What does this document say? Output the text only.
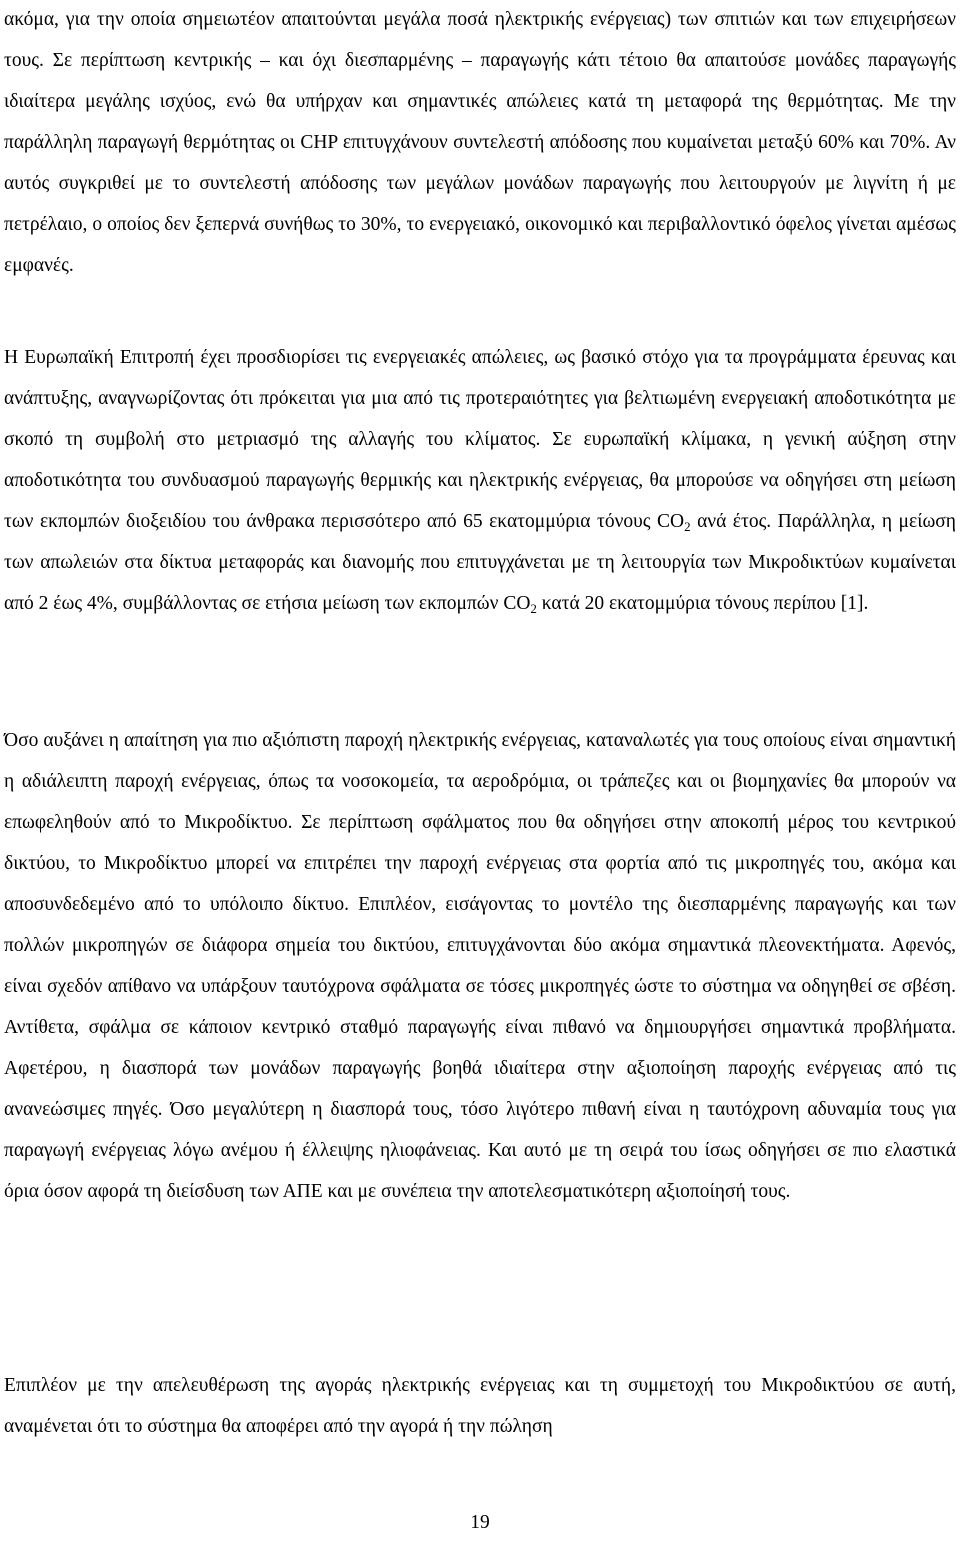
ακόμα, για την οποία σημειωτέον απαιτούνται μεγάλα ποσά ηλεκτρικής ενέργειας) των σπιτιών και των επιχειρήσεων τους. Σε περίπτωση κεντρικής – και όχι διεσπαρμένης – παραγωγής κάτι τέτοιο θα απαιτούσε μονάδες παραγωγής ιδιαίτερα μεγάλης ισχύος, ενώ θα υπήρχαν και σημαντικές απώλειες κατά τη μεταφορά της θερμότητας. Με την παράλληλη παραγωγή θερμότητας οι CHP επιτυγχάνουν συντελεστή απόδοσης που κυμαίνεται μεταξύ 60% και 70%. Αν αυτός συγκριθεί με το συντελεστή απόδοσης των μεγάλων μονάδων παραγωγής που λειτουργούν με λιγνίτη ή με πετρέλαιο, ο οποίος δεν ξεπερνά συνήθως το 30%, το ενεργειακό, οικονομικό και περιβαλλοντικό όφελος γίνεται αμέσως εμφανές.

Η Ευρωπαϊκή Επιτροπή έχει προσδιορίσει τις ενεργειακές απώλειες, ως βασικό στόχο για τα προγράμματα έρευνας και ανάπτυξης, αναγνωρίζοντας ότι πρόκειται για μια από τις προτεραιότητες για βελτιωμένη ενεργειακή αποδοτικότητα με σκοπό τη συμβολή στο μετριασμό της αλλαγής του κλίματος. Σε ευρωπαϊκή κλίμακα, η γενική αύξηση στην αποδοτικότητα του συνδυασμού παραγωγής θερμικής και ηλεκτρικής ενέργειας, θα μπορούσε να οδηγήσει στη μείωση των εκπομπών διοξειδίου του άνθρακα περισσότερο από 65 εκατομμύρια τόνους $CO_2$ ανά έτος. Παράλληλα, η μείωση των απωλειών στα δίκτυα μεταφοράς και διανομής που επιτυγχάνεται με τη λειτουργία των Μικροδικτύων κυμαίνεται από 2 έως 4%, συμβάλλοντας σε ετήσια μείωση των εκπομπών $CO_2$ κατά 20 εκατομμύρια τόνους περίπου [1].

Όσο αυξάνει η απαίτηση για πιο αξιόπιστη παροχή ηλεκτρικής ενέργειας, καταναλωτές για τους οποίους είναι σημαντική η αδιάλειπτη παροχή ενέργειας, όπως τα νοσοκομεία, τα αεροδρόμια, οι τράπεζες και οι βιομηχανίες θα μπορούν να επωφεληθούν από το Μικροδίκτυο. Σε περίπτωση σφάλματος που θα οδηγήσει στην αποκοπή μέρος του κεντρικού δικτύου, το Μικροδίκτυο μπορεί να επιτρέπει την παροχή ενέργειας στα φορτία από τις μικροπηγές του, ακόμα και αποσυνδεδεμένο από το υπόλοιπο δίκτυο. Επιπλέον, εισάγοντας το μοντέλο της διεσπαρμένης παραγωγής και των πολλών μικροπηγών σε διάφορα σημεία του δικτύου, επιτυγχάνονται δύο ακόμα σημαντικά πλεονεκτήματα. Αφενός, είναι σχεδόν απίθανο να υπάρξουν ταυτόχρονα σφάλματα σε τόσες μικροπηγές ώστε το σύστημα να οδηγηθεί σε σβέση. Αντίθετα, σφάλμα σε κάποιον κεντρικό σταθμό παραγωγής είναι πιθανό να δημιουργήσει σημαντικά προβλήματα. Αφετέρου, η διασπορά των μονάδων παραγωγής βοηθά ιδιαίτερα στην αξιοποίηση παροχής ενέργειας από τις ανανεώσιμες πηγές. Όσο μεγαλύτερη η διασπορά τους, τόσο λιγότερο πιθανή είναι η ταυτόχρονη αδυναμία τους για παραγωγή ενέργειας λόγω ανέμου ή έλλειψης ηλιοφάνειας. Και αυτό με τη σειρά του ίσως οδηγήσει σε πιο ελαστικά όρια όσον αφορά τη διείσδυση των ΑΠΕ και με συνέπεια την αποτελεσματικότερη αξιοποίησή τους.

Επιπλέον με την απελευθέρωση της αγοράς ηλεκτρικής ενέργειας και τη συμμετοχή του Μικροδικτύου σε αυτή, αναμένεται ότι το σύστημα θα αποφέρει από την αγορά ή την πώληση

19
